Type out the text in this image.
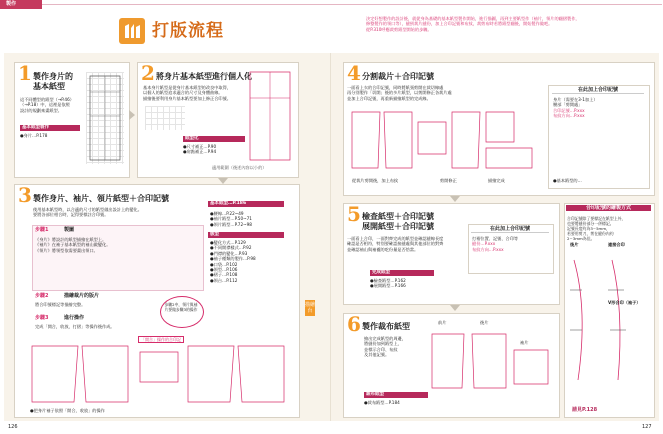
製作
打版流程
決定好想製作的設計後，就從身為基礎的基本紙型製作開始，進行描圖，再到主要紙型作（袖片，領片的翻摺製作，
修整製作的領口等），縫紉裁片縫份，加上合印記號和布紋，裁剪布時若將紙型翻後，開始製作做吧。
從P.310呼應裁剪紙型開始的步驟。
1 製作身片的
基本紙型
這不同體型的紙型（→P.46）
（→P.18）中，這裡是依照
設計的規劃來畫紙型。
基本紙型製作
●身片…P.178
2 將身片基本紙型進行個人化
基本身片紙型是從身片基本紙型的改良中取得，
以個人的紙型追求適合的尺寸及身體曲線。
描繪後要利用身片基本紙型要加上修正合印號。
紙型化
●尺寸補正…P.90
●肩點補正…P.94
適用範圍（後述內容以小的）
3 製作身片、袖片、領片紙型＋合印記號
使用基本紙型時，以合適的尺寸的紙型做出設計上的變化。
要將各部位相合時，記得要標註合印號。
步驟1	製圖
《身片》將設計的紙型描繪在紙型上。
《袖片》在袖子基本紙型的袖山做變化。
《領片》將領型依需要畫出領口。
步驟2	描繪裁片的版片
將合印號標記等描繪完整。
步驟3	進行操作
完成「開合，收放，打摺」等操作後作成。
步驟2中，領片與袖片要做步驟3的操作
基本紙型…P.186
●腰線…P.22~49
●袖片紙型…P.50~71
●領片紙型…P.72~98
版型
●變化方式…P.129
●不同開襟樣式…P.92
●門襟的變化…P.93
●袖子種類的製作…P.98
●口袋…P.102
●領型…P.106
●褶子…P.108
●領台…P.112
「開合」操作的合印記
●把身片袖子依照「開合，收放」的操作
描繪台
4 分割裁片＋合印記號
一面看上衣的合印記號，同時將紙張剪開在裁切線處
再分別製作「切開」後的多片紙型，以剪開修正各裁片處
並加上合印記號，再重新描繪紙型的完成線。
從裁片剪開後，加上布紋	剪開修正	描繪完成
在此加上合印記號
身片（需要在3-1加上）
腰部「剪開處」
合印記號…P.xxx
布紋方向…P.xxx
●基本紙型的…
5 檢查紙型＋合印記號
展開紙型＋合印記號
一面看上合印，一面對齊完成的紙型並確認縫線長度
確認是否相符，特別要確認接縫處與其他部位的對齊
並確認袖山與袖襱的吃份量是否恰當。
在此加上合印記號
打褶位置、記號、合印等
縫份…P.xxx
布紋方向…P.xxx
完成紙型
●檢查紙型…P.162
●展開紙型…P.166
6 製作裁布紙型
繪出完成紙型的周邊，
將縫份加到紙型上，
並標示合印、布紋
及其他記號。
前片	後片
袖片
裁布紙型
●裁布紙型…P.184
合印記號的繪製方式
合印記號除了要標記在紙型上外，
也要將縫份部分一併標記。
記號長度約為3~5mm，
若要用剪刀，剪在縫份內約
2~3mm為佳。
後片	連接合印
V形合印（袖子）
請見P.128
126	127
